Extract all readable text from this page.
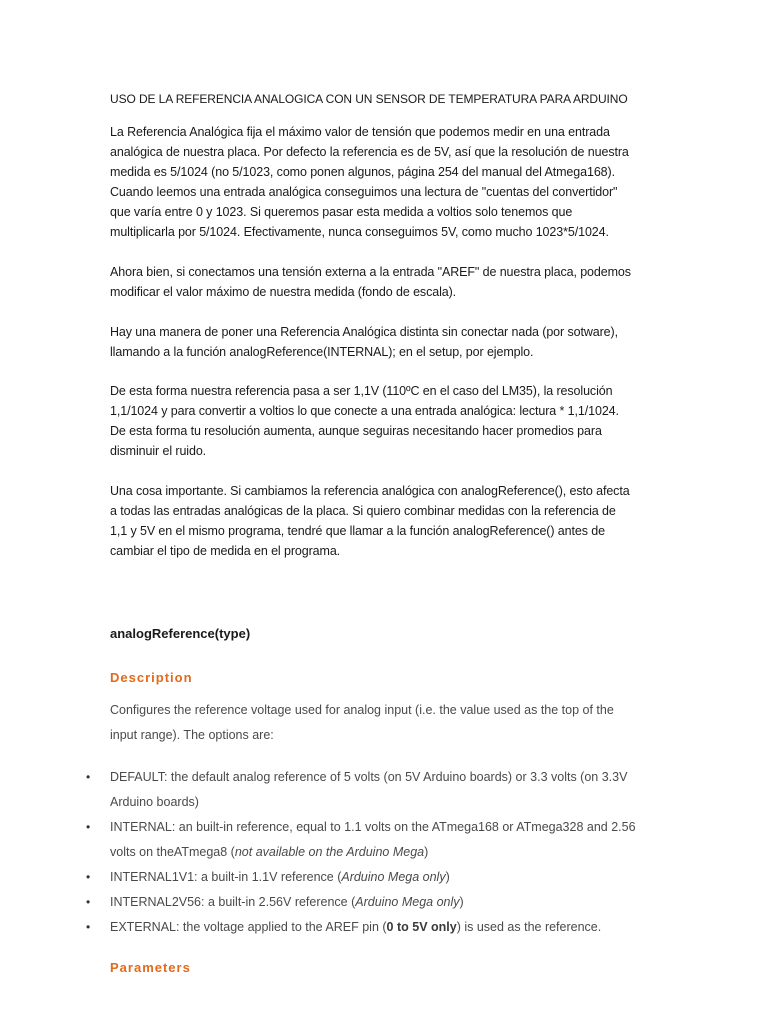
USO DE LA REFERENCIA ANALOGICA CON UN SENSOR DE TEMPERATURA PARA ARDUINO

La Referencia Analógica fija el máximo valor de tensión que podemos medir en una entrada
analógica de nuestra placa. Por defecto la referencia es de 5V, así que la resolución de nuestra
medida es 5/1024 (no 5/1023, como ponen algunos, página 254 del manual del Atmega168).
Cuando leemos una entrada analógica conseguimos una lectura de "cuentas del convertidor"
que varía entre 0 y 1023. Si queremos pasar esta medida a voltios solo tenemos que
multiplicarla por 5/1024. Efectivamente, nunca conseguimos 5V, como mucho 1023*5/1024.

Ahora bien, si conectamos una tensión externa a la entrada "AREF" de nuestra placa, podemos
modificar el valor máximo de nuestra medida (fondo de escala).

Hay una manera de poner una Referencia Analógica distinta sin conectar nada (por sotware),
llamando a la función analogReference(INTERNAL); en el setup, por ejemplo.

De esta forma nuestra referencia pasa a ser 1,1V (110ºC en el caso del LM35), la resolución
1,1/1024 y para convertir a voltios lo que conecte a una entrada analógica: lectura * 1,1/1024.
De esta forma tu resolución aumenta, aunque seguiras necesitando hacer promedios para
disminuir el ruido.

Una cosa importante. Si cambiamos la referencia analógica con analogReference(), esto afecta
a todas las entradas analógicas de la placa. Si quiero combinar medidas con la referencia de
1,1 y 5V en el mismo programa, tendré que llamar a la función analogReference() antes de
cambiar el tipo de medida en el programa.

analogReference(type)
Description
Configures the reference voltage used for analog input (i.e. the value used as the top of the
input range). The options are:
• DEFAULT: the default analog reference of 5 volts (on 5V Arduino boards) or 3.3 volts (on 3.3V
Arduino boards)
• INTERNAL: an built-in reference, equal to 1.1 volts on the ATmega168 or ATmega328 and 2.56
volts on theATmega8 (not available on the Arduino Mega)
• INTERNAL1V1: a built-in 1.1V reference (Arduino Mega only)
• INTERNAL2V56: a built-in 2.56V reference (Arduino Mega only)
• EXTERNAL: the voltage applied to the AREF pin (0 to 5V only) is used as the reference.
Parameters
